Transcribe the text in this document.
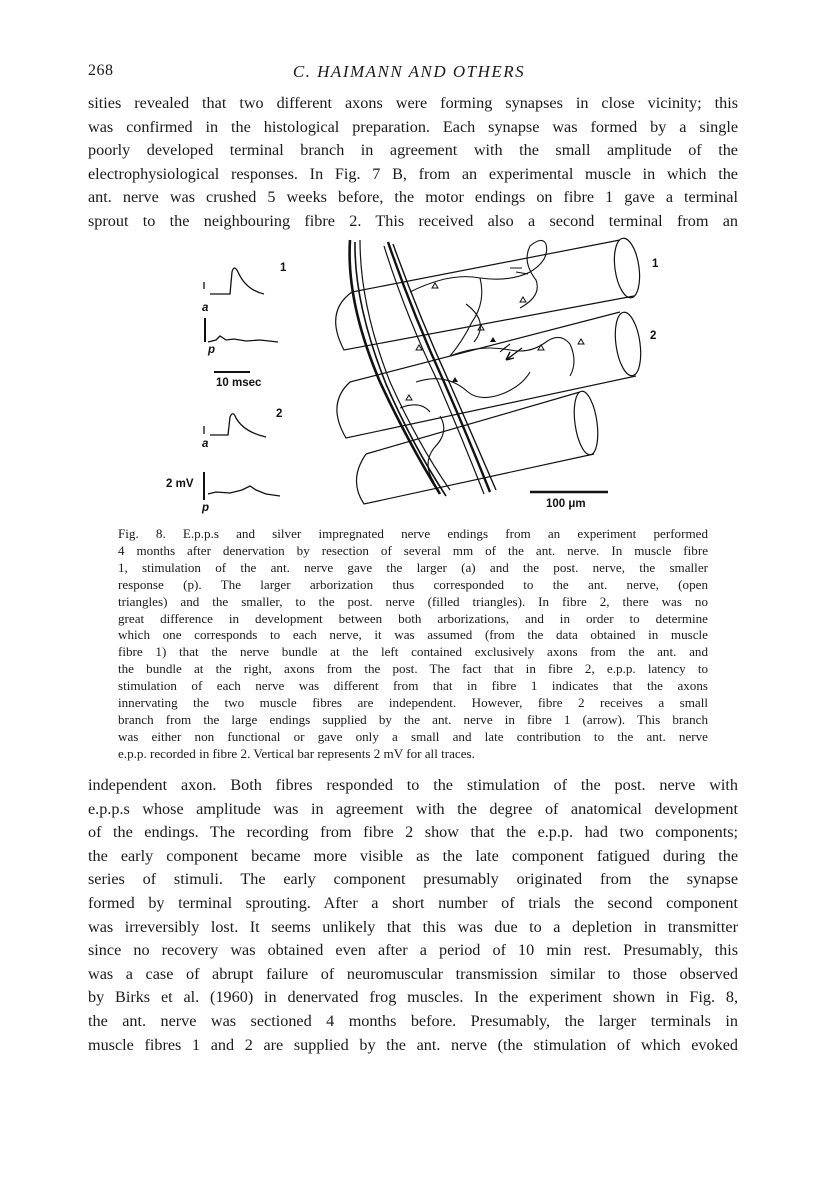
268	C. HAIMANN AND OTHERS
sities revealed that two different axons were forming synapses in close vicinity; this
was confirmed in the histological preparation. Each synapse was formed by a single
poorly developed terminal branch in agreement with the small amplitude of the
electrophysiological responses. In Fig. 7 B, from an experimental muscle in which the
ant. nerve was crushed 5 weeks before, the motor endings on fibre 1 gave a terminal
sprout to the neighbouring fibre 2. This received also a second terminal from an
1
a
p
10 msec
2
a
2 mV
p
1
2
100 μm
Fig. 8. E.p.p.s and silver impregnated nerve endings from an experiment performed
4 months after denervation by resection of several mm of the ant. nerve. In muscle fibre
1, stimulation of the ant. nerve gave the larger (a) and the post. nerve, the smaller
response (p). The larger arborization thus corresponded to the ant. nerve, (open
triangles) and the smaller, to the post. nerve (filled triangles). In fibre 2, there was no
great difference in development between both arborizations, and in order to determine
which one corresponds to each nerve, it was assumed (from the data obtained in muscle
fibre 1) that the nerve bundle at the left contained exclusively axons from the ant. and
the bundle at the right, axons from the post. The fact that in fibre 2, e.p.p. latency to
stimulation of each nerve was different from that in fibre 1 indicates that the axons
innervating the two muscle fibres are independent. However, fibre 2 receives a small
branch from the large endings supplied by the ant. nerve in fibre 1 (arrow). This branch
was either non functional or gave only a small and late contribution to the ant. nerve
e.p.p. recorded in fibre 2. Vertical bar represents 2 mV for all traces.
independent axon. Both fibres responded to the stimulation of the post. nerve with
e.p.p.s whose amplitude was in agreement with the degree of anatomical development
of the endings. The recording from fibre 2 show that the e.p.p. had two components;
the early component became more visible as the late component fatigued during the
series of stimuli. The early component presumably originated from the synapse
formed by terminal sprouting. After a short number of trials the second component
was irreversibly lost. It seems unlikely that this was due to a depletion in transmitter
since no recovery was obtained even after a period of 10 min rest. Presumably, this
was a case of abrupt failure of neuromuscular transmission similar to those observed
by Birks et al. (1960) in denervated frog muscles. In the experiment shown in Fig. 8,
the ant. nerve was sectioned 4 months before. Presumably, the larger terminals in
muscle fibres 1 and 2 are supplied by the ant. nerve (the stimulation of which evoked
